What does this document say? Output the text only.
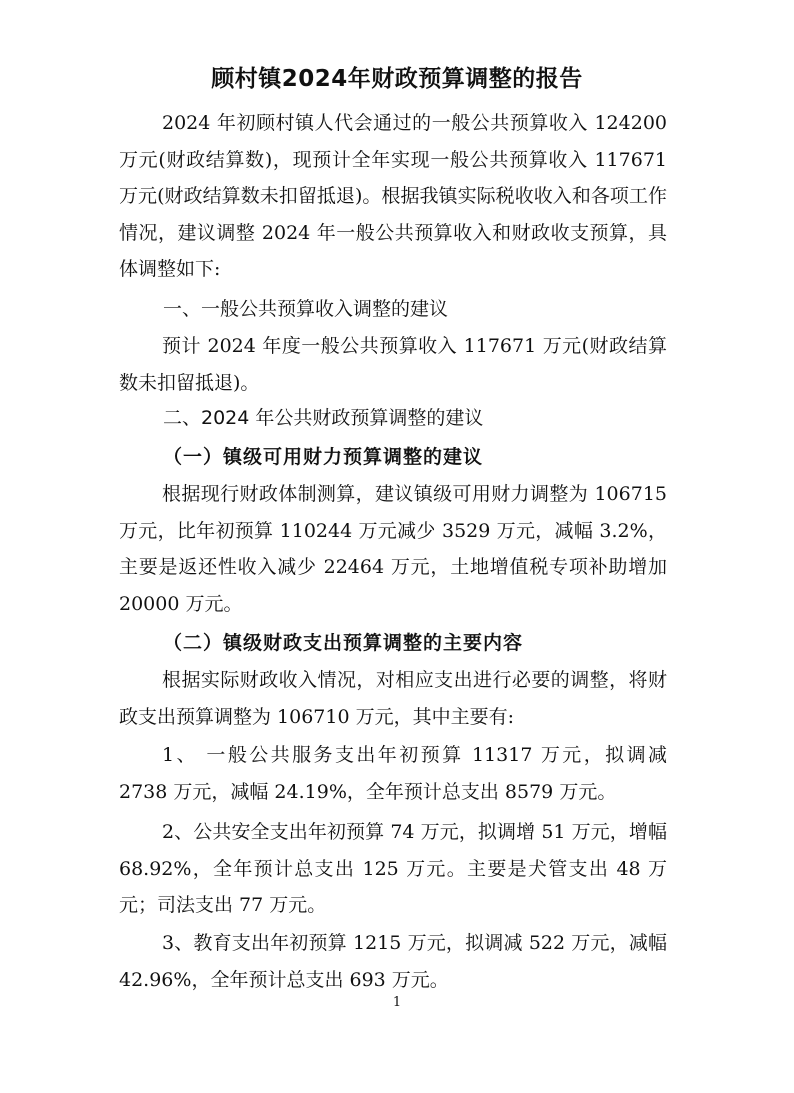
顾村镇2024年财政预算调整的报告
2024 年初顾村镇人代会通过的一般公共预算收入 124200 万元(财政结算数)，现预计全年实现一般公共预算收入 117671 万元(财政结算数未扣留抵退)。根据我镇实际税收收入和各项工作情况，建议调整 2024 年一般公共预算收入和财政收支预算，具体调整如下:
一、一般公共预算收入调整的建议
预计 2024 年度一般公共预算收入 117671 万元(财政结算数未扣留抵退)。
二、2024 年公共财政预算调整的建议
（一）镇级可用财力预算调整的建议
根据现行财政体制测算，建议镇级可用财力调整为 106715 万元，比年初预算 110244 万元减少 3529 万元，减幅 3.2%，主要是返还性收入减少 22464 万元，土地增值税专项补助增加 20000 万元。
（二）镇级财政支出预算调整的主要内容
根据实际财政收入情况，对相应支出进行必要的调整，将财政支出预算调整为 106710 万元，其中主要有:
1、 一般公共服务支出年初预算 11317 万元，拟调减 2738 万元，减幅 24.19%，全年预计总支出 8579 万元。
2、公共安全支出年初预算 74 万元，拟调增 51 万元，增幅 68.92%，全年预计总支出 125 万元。主要是犬管支出 48 万元；司法支出 77 万元。
3、教育支出年初预算 1215 万元，拟调减 522 万元，减幅 42.96%，全年预计总支出 693 万元。
1
